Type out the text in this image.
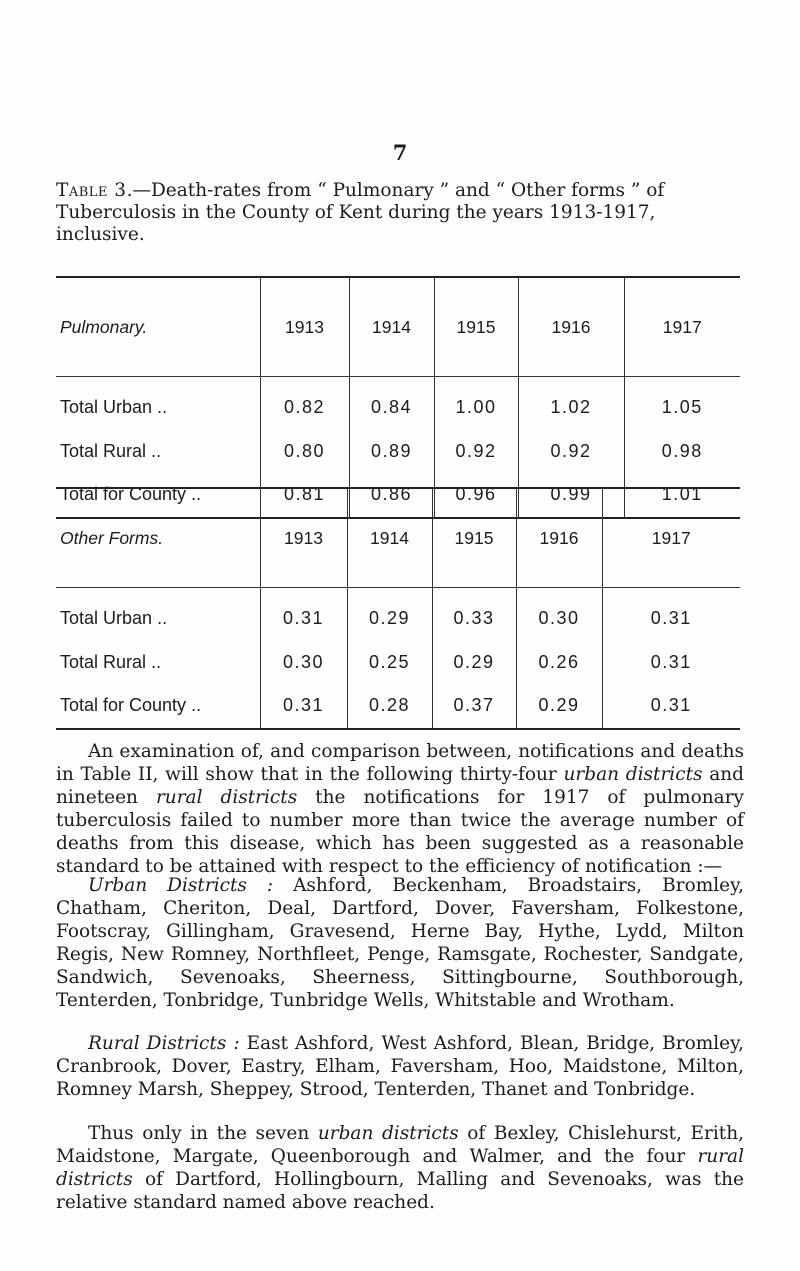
7

Table 3.—Death-rates from “ Pulmonary ” and “ Other forms ” of Tuberculosis in the County of Kent during the years 1913-1917, inclusive.

Pulmonary.	1913	1914	1915	1916	1917
Total Urban ..	0.82	0.84	1.00	1.02	1.05
Total Rural ..	0.80	0.89	0.92	0.92	0.98
Total for County ..	0.81	0.86	0.96	0.99	1.01
Other Forms.	1913	1914	1915	1916	1917
Total Urban ..	0.31	0.29	0.33	0.30	0.31
Total Rural ..	0.30	0.25	0.29	0.26	0.31
Total for County ..	0.31	0.28	0.37	0.29	0.31

An examination of, and comparison between, notifications and deaths in Table II, will show that in the following thirty-four urban districts and nineteen rural districts the notifications for 1917 of pulmonary tuberculosis failed to number more than twice the average number of deaths from this disease, which has been suggested as a reasonable standard to be attained with respect to the efficiency of notification :—

Urban Districts : Ashford, Beckenham, Broadstairs, Bromley, Chatham, Cheriton, Deal, Dartford, Dover, Faversham, Folkestone, Footscray, Gillingham, Gravesend, Herne Bay, Hythe, Lydd, Milton Regis, New Romney, Northfleet, Penge, Ramsgate, Rochester, Sandgate, Sandwich, Sevenoaks, Sheerness, Sittingbourne, Southborough, Tenterden, Tonbridge, Tunbridge Wells, Whitstable and Wrotham.

Rural Districts : East Ashford, West Ashford, Blean, Bridge, Bromley, Cranbrook, Dover, Eastry, Elham, Faversham, Hoo, Maidstone, Milton, Romney Marsh, Sheppey, Strood, Tenterden, Thanet and Tonbridge.

Thus only in the seven urban districts of Bexley, Chislehurst, Erith, Maidstone, Margate, Queenborough and Walmer, and the four rural districts of Dartford, Hollingbourn, Malling and Sevenoaks, was the relative standard named above reached.
